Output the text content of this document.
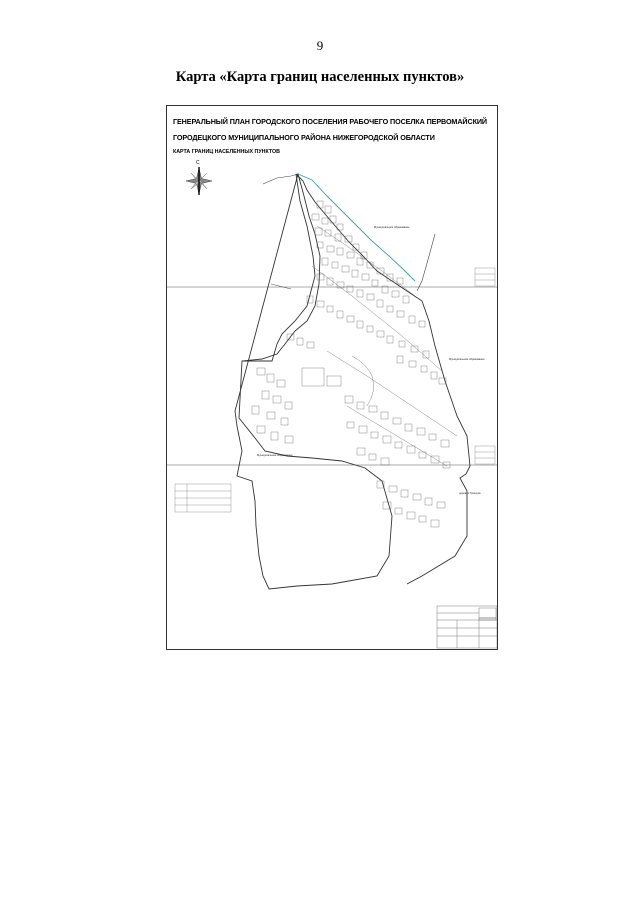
9
Карта «Карта границ населенных пунктов»
ГЕНЕРАЛЬНЫЙ ПЛАН ГОРОДСКОГО ПОСЕЛЕНИЯ РАБОЧЕГО ПОСЕЛКА ПЕРВОМАЙСКИЙ
ГОРОДЕЦКОГО МУНИЦИПАЛЬНОГО РАЙОНА НИЖЕГОРОДСКОЙ ОБЛАСТИ
КАРТА ГРАНИЦ НАСЕЛЕННЫХ ПУНКТОВ
С
Муниципальное образование
Муниципальное образование
Муниципальное образование
деревня Грязнуха
